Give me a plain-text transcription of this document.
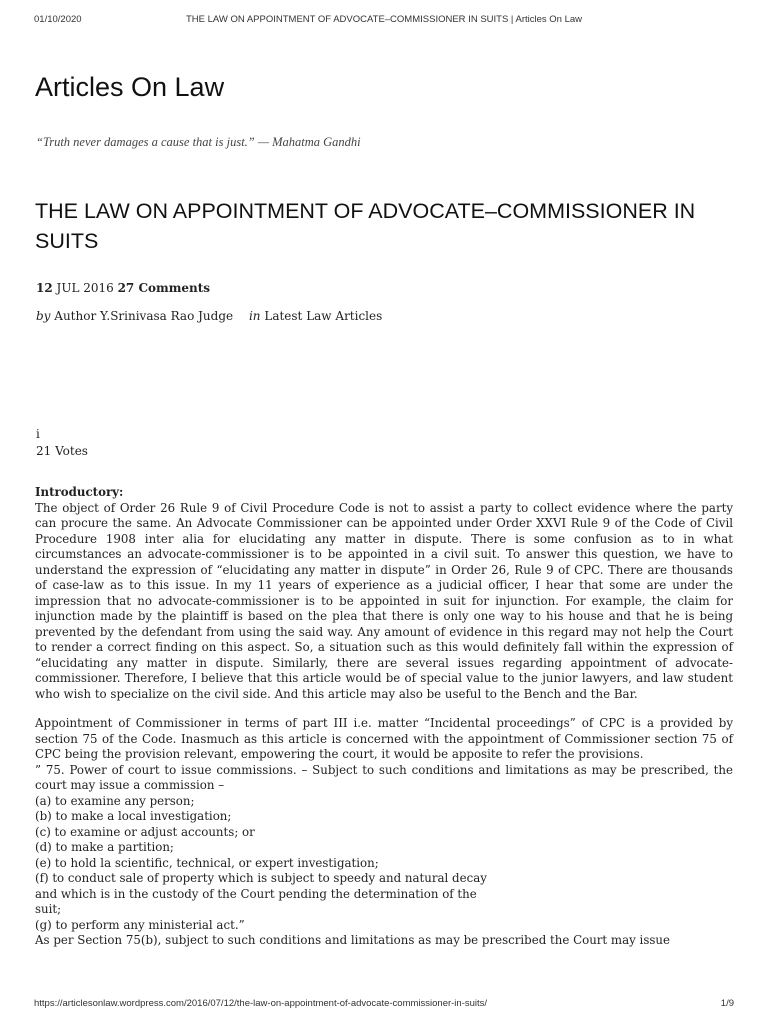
01/10/2020	THE LAW ON APPOINTMENT OF ADVOCATE–COMMISSIONER IN SUITS | Articles On Law
Articles On Law
“Truth never damages a cause that is just.” — Mahatma Gandhi
THE LAW ON APPOINTMENT OF ADVOCATE–COMMISSIONER IN SUITS
12 JUL 2016 27 Comments
by Author Y.Srinivasa Rao Judge in Latest Law Articles
i
21 Votes

Introductory:
The object of Order 26 Rule 9 of Civil Procedure Code is not to assist a party to collect evidence where the party can procure the same. An Advocate Commissioner can be appointed under Order XXVI Rule 9 of the Code of Civil Procedure 1908 inter alia for elucidating any matter in dispute. There is some confusion as to in what circumstances an advocate-commissioner is to be appointed in a civil suit. To answer this question, we have to understand the expression of “elucidating any matter in dispute” in Order 26, Rule 9 of CPC. There are thousands of case-law as to this issue. In my 11 years of experience as a judicial officer, I hear that some are under the impression that no advocate-commissioner is to be appointed in suit for injunction. For example, the claim for injunction made by the plaintiff is based on the plea that there is only one way to his house and that he is being prevented by the defendant from using the said way. Any amount of evidence in this regard may not help the Court to render a correct finding on this aspect. So, a situation such as this would definitely fall within the expression of “elucidating any matter in dispute. Similarly, there are several issues regarding appointment of advocate-commissioner. Therefore, I believe that this article would be of special value to the junior lawyers, and law student who wish to specialize on the civil side. And this article may also be useful to the Bench and the Bar.

Appointment of Commissioner in terms of part III i.e. matter “Incidental proceedings” of CPC is a provided by section 75 of the Code. Inasmuch as this article is concerned with the appointment of Commissioner section 75 of CPC being the provision relevant, empowering the court, it would be apposite to refer the provisions.

” 75. Power of court to issue commissions. – Subject to such conditions and limitations as may be prescribed, the court may issue a commission –

(a) to examine any person;
(b) to make a local investigation;
(c) to examine or adjust accounts; or
(d) to make a partition;
(e) to hold la scientific, technical, or expert investigation;
(f) to conduct sale of property which is subject to speedy and natural decay
and which is in the custody of the Court pending the determination of the
suit;
(g) to perform any ministerial act.”

As per Section 75(b), subject to such conditions and limitations as may be prescribed the Court may issue

https://articlesonlaw.wordpress.com/2016/07/12/the-law-on-appointment-of-advocate-commissioner-in-suits/	1/9
